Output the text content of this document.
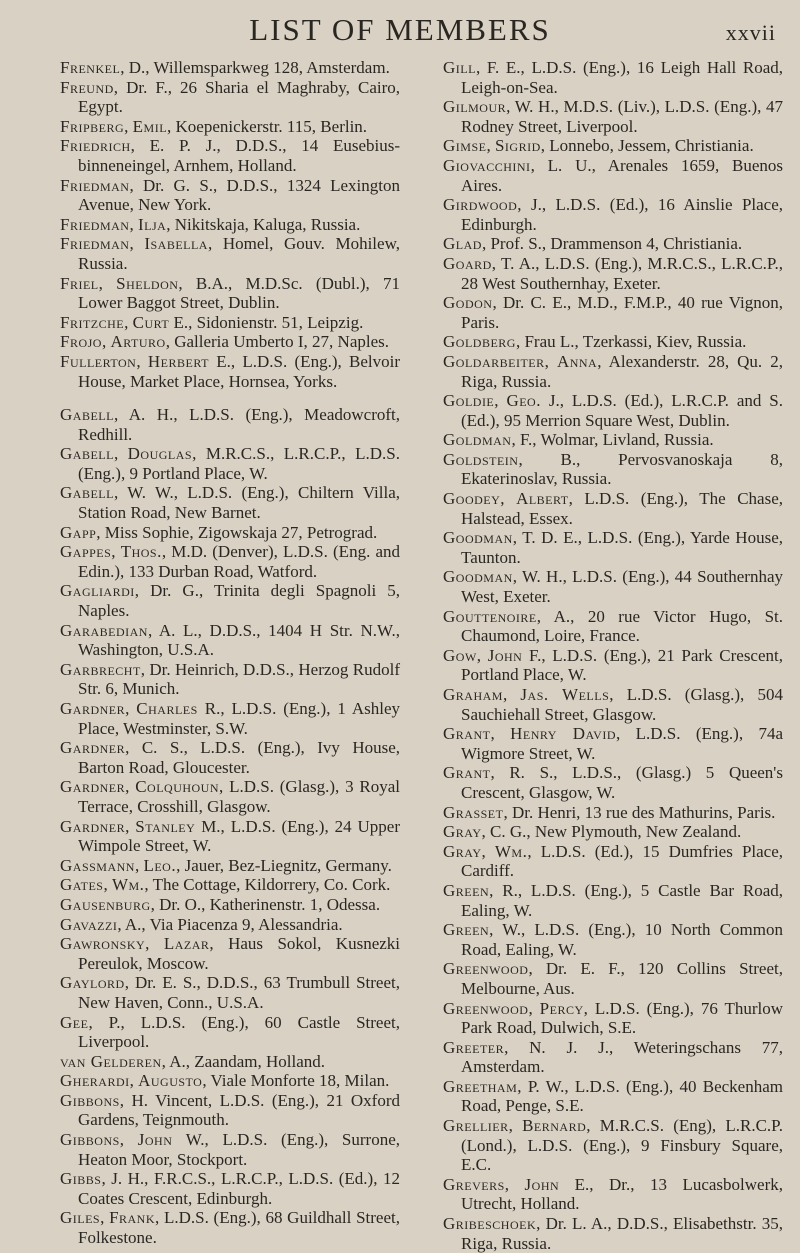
LIST OF MEMBERS	xxvii
Frenkel, D., Willemsparkweg 128, Amsterdam.
Freund, Dr. F., 26 Sharia el Maghraby, Cairo, Egypt.
Fripberg, Emil, Koepenickerstr. 115, Berlin.
Friedrich, E. P. J., D.D.S., 14 Eusebius-binneneingel, Arnhem, Holland.
Friedman, Dr. G. S., D.D.S., 1324 Lexington Avenue, New York.
Friedman, Ilja, Nikitskaja, Kaluga, Russia.
Friedman, Isabella, Homel, Gouv. Mohilew, Russia.
Friel, Sheldon, B.A., M.D.Sc. (Dubl.), 71 Lower Baggot Street, Dublin.
Fritzche, Curt E., Sidonienstr. 51, Leipzig.
Frojo, Arturo, Galleria Umberto I, 27, Naples.
Fullerton, Herbert E., L.D.S. (Eng.), Belvoir House, Market Place, Hornsea, Yorks.
Gabell, A. H., L.D.S. (Eng.), Meadowcroft, Redhill.
Gabell, Douglas, M.R.C.S., L.R.C.P., L.D.S. (Eng.), 9 Portland Place, W.
Gabell, W. W., L.D.S. (Eng.), Chiltern Villa, Station Road, New Barnet.
Gapp, Miss Sophie, Zigowskaja 27, Petrograd.
Gappes, Thos., M.D. (Denver), L.D.S. (Eng. and Edin.), 133 Durban Road, Watford.
Gagliardi, Dr. G., Trinita degli Spagnoli 5, Naples.
Garabedian, A. L., D.D.S., 1404 H Str. N.W., Washington, U.S.A.
Garbrecht, Dr. Heinrich, D.D.S., Herzog Rudolf Str. 6, Munich.
Gardner, Charles R., L.D.S. (Eng.), 1 Ashley Place, Westminster, S.W.
Gardner, C. S., L.D.S. (Eng.), Ivy House, Barton Road, Gloucester.
Gardner, Colquhoun, L.D.S. (Glasg.), 3 Royal Terrace, Crosshill, Glasgow.
Gardner, Stanley M., L.D.S. (Eng.), 24 Upper Wimpole Street, W.
Gassmann, Leo., Jauer, Bez-Liegnitz, Germany.
Gates, Wm., The Cottage, Kildorrery, Co. Cork.
Gausenburg, Dr. O., Katherinenstr. 1, Odessa.
Gavazzi, A., Via Piacenza 9, Alessandria.
Gawronsky, Lazar, Haus Sokol, Kusnezki Pereulok, Moscow.
Gaylord, Dr. E. S., D.D.S., 63 Trumbull Street, New Haven, Conn., U.S.A.
Gee, P., L.D.S. (Eng.), 60 Castle Street, Liverpool.
van Gelderen, A., Zaandam, Holland.
Gherardi, Augusto, Viale Monforte 18, Milan.
Gibbons, H. Vincent, L.D.S. (Eng.), 21 Oxford Gardens, Teignmouth.
Gibbons, John W., L.D.S. (Eng.), Surrone, Heaton Moor, Stockport.
Gibbs, J. H., F.R.C.S., L.R.C.P., L.D.S. (Ed.), 12 Coates Crescent, Edinburgh.
Giles, Frank, L.D.S. (Eng.), 68 Guildhall Street, Folkestone.
Gill, F. E., L.D.S. (Eng.), 16 Leigh Hall Road, Leigh-on-Sea.
Gilmour, W. H., M.D.S. (Liv.), L.D.S. (Eng.), 47 Rodney Street, Liverpool.
Gimse, Sigrid, Lonnebo, Jessem, Christiania.
Giovacchini, L. U., Arenales 1659, Buenos Aires.
Girdwood, J., L.D.S. (Ed.), 16 Ainslie Place, Edinburgh.
Glad, Prof. S., Drammenson 4, Christiania.
Goard, T. A., L.D.S. (Eng.), M.R.C.S., L.R.C.P., 28 West Southernhay, Exeter.
Godon, Dr. C. E., M.D., F.M.P., 40 rue Vignon, Paris.
Goldberg, Frau L., Tzerkassi, Kiev, Russia.
Goldarbeiter, Anna, Alexanderstr. 28, Qu. 2, Riga, Russia.
Goldie, Geo. J., L.D.S. (Ed.), L.R.C.P. and S. (Ed.), 95 Merrion Square West, Dublin.
Goldman, F., Wolmar, Livland, Russia.
Goldstein, B., Pervosvanoskaja 8, Ekaterinoslav, Russia.
Goodey, Albert, L.D.S. (Eng.), The Chase, Halstead, Essex.
Goodman, T. D. E., L.D.S. (Eng.), Yarde House, Taunton.
Goodman, W. H., L.D.S. (Eng.), 44 Southernhay West, Exeter.
Gouttenoire, A., 20 rue Victor Hugo, St. Chaumond, Loire, France.
Gow, John F., L.D.S. (Eng.), 21 Park Crescent, Portland Place, W.
Graham, Jas. Wells, L.D.S. (Glasg.), 504 Sauchiehall Street, Glasgow.
Grant, Henry David, L.D.S. (Eng.), 74a Wigmore Street, W.
Grant, R. S., L.D.S., (Glasg.) 5 Queen's Crescent, Glasgow, W.
Grasset, Dr. Henri, 13 rue des Mathurins, Paris.
Gray, C. G., New Plymouth, New Zealand.
Gray, Wm., L.D.S. (Ed.), 15 Dumfries Place, Cardiff.
Green, R., L.D.S. (Eng.), 5 Castle Bar Road, Ealing, W.
Green, W., L.D.S. (Eng.), 10 North Common Road, Ealing, W.
Greenwood, Dr. E. F., 120 Collins Street, Melbourne, Aus.
Greenwood, Percy, L.D.S. (Eng.), 76 Thurlow Park Road, Dulwich, S.E.
Greeter, N. J. J., Weteringschans 77, Amsterdam.
Greetham, P. W., L.D.S. (Eng.), 40 Beckenham Road, Penge, S.E.
Grellier, Bernard, M.R.C.S. (Eng), L.R.C.P. (Lond.), L.D.S. (Eng.), 9 Finsbury Square, E.C.
Grevers, John E., Dr., 13 Lucasbolwerk, Utrecht, Holland.
Gribeschoek, Dr. L. A., D.D.S., Elisabethstr. 35, Riga, Russia.
